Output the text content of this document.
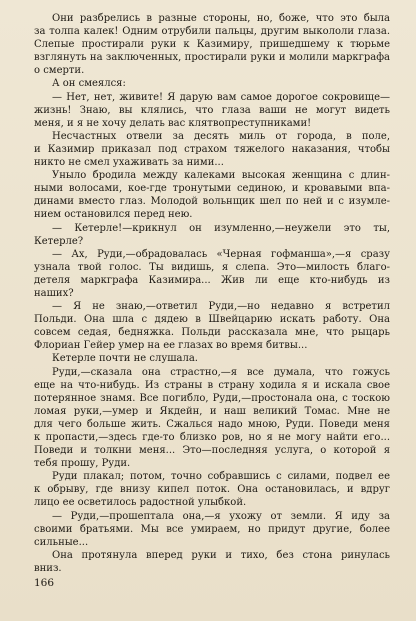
Они разбрелись в разные стороны, но, боже, что это была
за толпа калек! Одним отрубили пальцы, другим выкололи глаза.
Слепые простирали руки к Казимиру, пришедшему к тюрьме
взглянуть на заключенных, простирали руки и молили маркграфа
о смерти.
А он смеялся:
— Нет, нет, живите! Я дарую вам самое дорогое сокровище—
жизнь! Знаю, вы клялись, что глаза ваши не могут видеть
меня, и я не хочу делать вас клятвопреступниками!
Несчастных отвели за десять миль от города, в поле,
и Казимир приказал под страхом тяжелого наказания, чтобы
никто не смел ухаживать за ними...
Уныло бродила между калеками высокая женщина с длин-
ными волосами, кое-где тронутыми сединою, и кровавыми впа-
динами вместо глаз. Молодой вольнщик шел по ней и с изумле-
нием остановился перед нею.
— Кетерле!—крикнул он изумленно,—неужели это ты,
Кетерле?
— Ах, Руди,—обрадовалась «Черная гофманша»,—я сразу
узнала твой голос. Ты видишь, я слепа. Это—милость благо-
детеля маркграфа Казимира... Жив ли еще кто-нибудь из
наших?
— Я не знаю,—ответил Руди,—но недавно я встретил
Польди. Она шла с дядею в Швейцарию искать работу. Она
совсем седая, бедняжка. Польди рассказала мне, что рыцарь
Флориан Гейер умер на ее глазах во время битвы...
Кетерле почти не слушала.
Руди,—сказала она страстно,—я все думала, что гожусь
еще на что-нибудь. Из страны в страну ходила я и искала свое
потерянное знамя. Все погибло, Руди,—простонала она, с тоскою
ломая руки,—умер и Якдейн, и наш великий Томас. Мне не
для чего больше жить. Сжалься надо мною, Руди. Поведи меня
к пропасти,—здесь где-то близко ров, но я не могу найти его...
Поведи и толкни меня... Это—последняя услуга, о которой я
тебя прошу, Руди.
Руди плакал; потом, точно собравшись с силами, подвел ее
к обрыву, где внизу кипел поток. Она остановилась, и вдруг
лицо ее осветилось радостной улыбкой.
— Руди,—прошептала она,—я ухожу от земли. Я иду за
своими братьями. Мы все умираем, но придут другие, более
сильные...
Она протянула вперед руки и тихо, без стона ринулась
вниз.
166
